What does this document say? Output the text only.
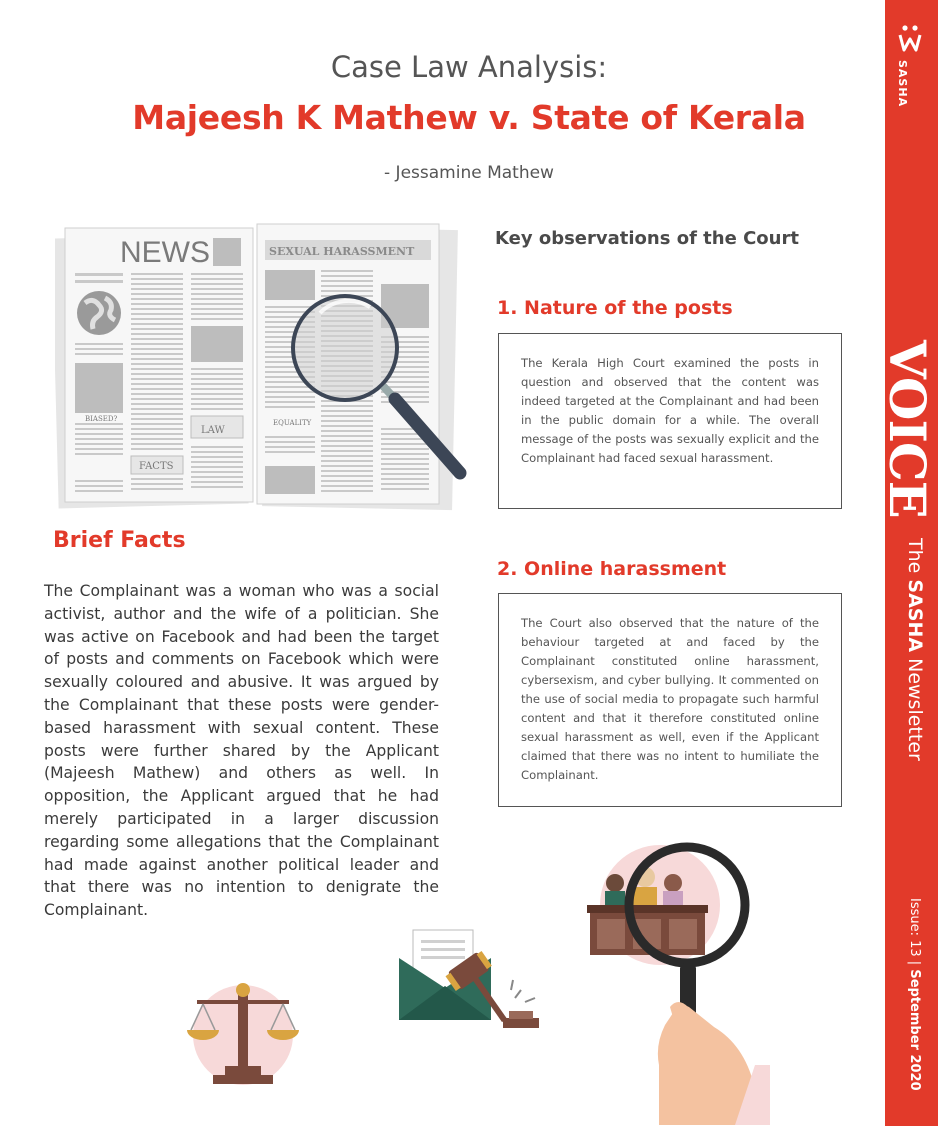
Case Law Analysis:
Majeesh K Mathew v. State of Kerala
- Jessamine Mathew
SASHA
VOICE
The SASHA Newsletter
Issue: 13 | September 2020
NEWS
BIASED?
LAW
FACTS
SEXUAL HARASSMENT
EQUALITY
Key observations of the Court
1. Nature of the posts
The Kerala High Court examined the posts in question and observed that the content was indeed targeted at the Complainant and had been in the public domain for a while. The overall message of the posts was sexually explicit and the Complainant had faced sexual harassment.
2. Online harassment
The Court also observed that the nature of the behaviour targeted at and faced by the Complainant constituted online harassment, cybersexism, and cyber bullying. It commented on the use of social media to propagate such harmful content and that it therefore constituted online sexual harassment as well, even if the Applicant claimed that there was no intent to humiliate the Complainant.
Brief Facts

The Complainant was a woman who was a social activist, author and the wife of a politician. She was active on Facebook and had been the target of posts and comments on Facebook which were sexually coloured and abusive. It was argued by the Complainant that these posts were gender-based harassment with sexual content. These posts were further shared by the Applicant (Majeesh Mathew) and others as well. In opposition, the Applicant argued that he had merely participated in a larger discussion regarding some allegations that the Complainant had made against another political leader and that there was no intention to denigrate the Complainant.
